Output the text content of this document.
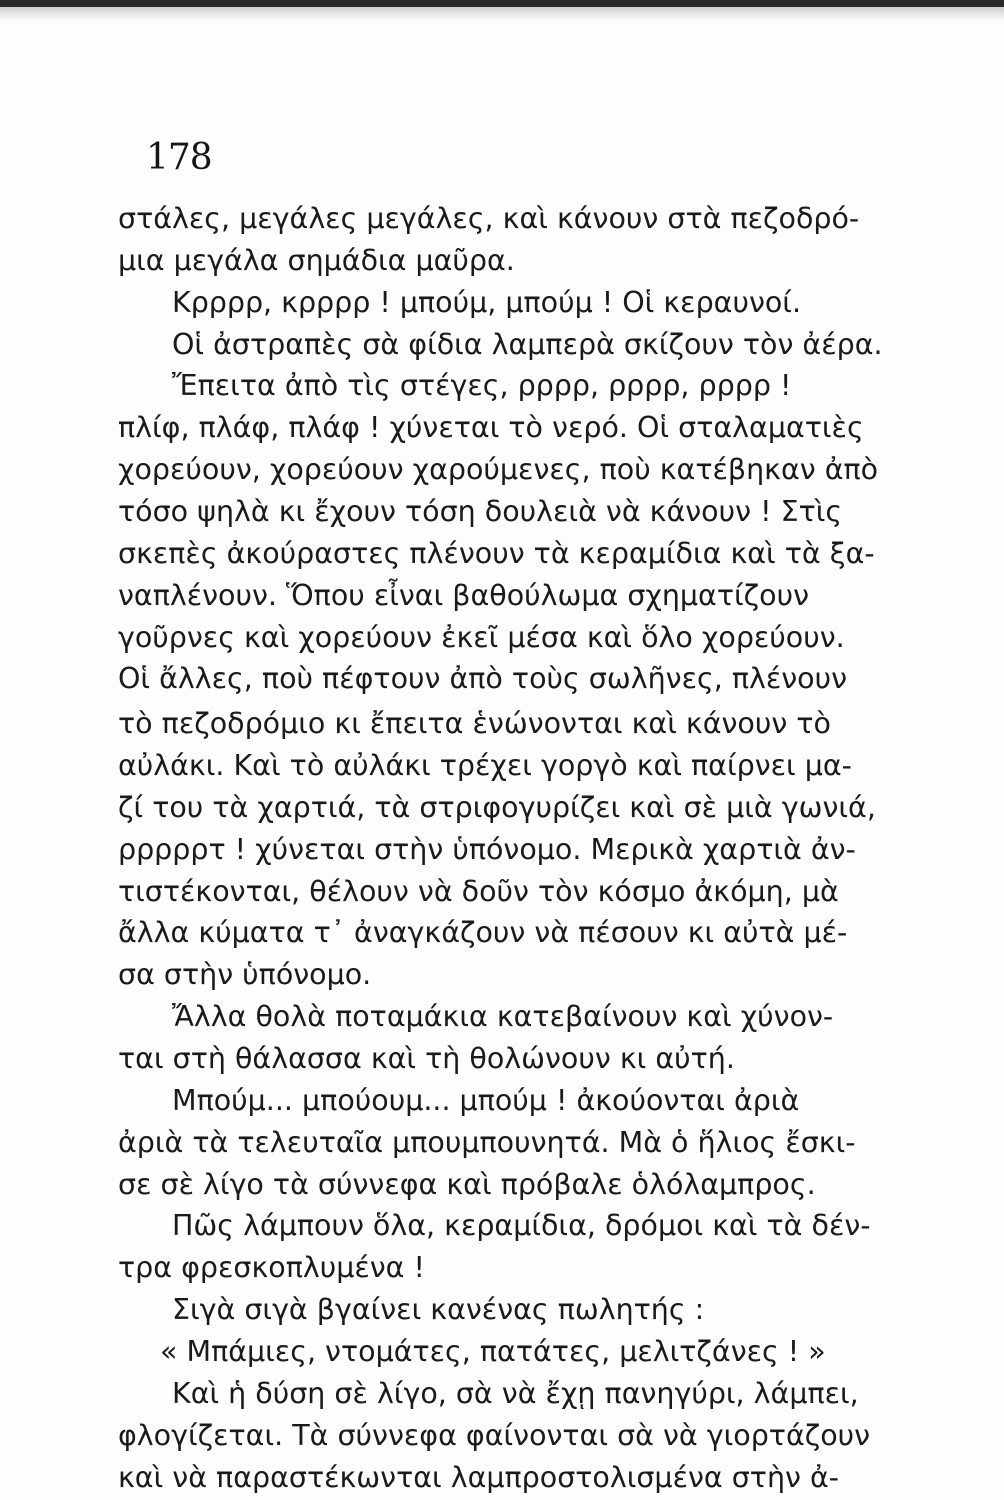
178
στάλες, μεγάλες μεγάλες, καὶ κάνουν στὰ πεζοδρό-
μια μεγάλα σημάδια μαῦρα.
Κρρρρ, κρρρρ ! μπούμ, μπούμ ! Οἱ κεραυνοί.
Οἱ ἀστραπὲς σὰ φίδια λαμπερὰ σκίζουν τὸν ἀέρα.
Ἔπειτα ἀπὸ τὶς στέγες, ρρρρ, ρρρρ, ρρρρ !
πλίφ, πλάφ, πλάφ ! χύνεται τὸ νερό. Οἱ σταλαματιὲς
χορεύουν, χορεύουν χαρούμενες, ποὺ κατέβηκαν ἀπὸ
τόσο ψηλὰ κι ἔχουν τόση δουλειὰ νὰ κάνουν ! Στὶς
σκεπὲς ἀκούραστες πλένουν τὰ κεραμίδια καὶ τὰ ξα-
ναπλένουν. Ὅπου εἶναι βαθούλωμα σχηματίζουν
γοῦρνες καὶ χορεύουν ἐκεῖ μέσα καὶ ὅλο χορεύουν.
Οἱ ἄλλες, ποὺ πέφτουν ἀπὸ τοὺς σωλῆνες, πλένουν
τὸ πεζοδρόμιο κι ἔπειτα ἑνώνονται καὶ κάνουν τὸ
αὐλάκι. Καὶ τὸ αὐλάκι τρέχει γοργὸ καὶ παίρνει μα-
ζί του τὰ χαρτιά, τὰ στριφογυρίζει καὶ σὲ μιὰ γωνιά,
ρρρρρτ ! χύνεται στὴν ὑπόνομο. Μερικὰ χαρτιὰ ἀν-
τιστέκονται, θέλουν νὰ δοῦν τὸν κόσμο ἀκόμη, μὰ
ἄλλα κύματα τ᾿ ἀναγκάζουν νὰ πέσουν κι αὐτὰ μέ-
σα στὴν ὑπόνομο.
Ἄλλα θολὰ ποταμάκια κατεβαίνουν καὶ χύνον-
ται στὴ θάλασσα καὶ τὴ θολώνουν κι αὐτή.
Μπούμ... μπούουμ... μπούμ ! ἀκούονται ἀριὰ
ἀριὰ τὰ τελευταῖα μπουμπουνητά. Μὰ ὁ ἥλιος ἔσκι-
σε σὲ λίγο τὰ σύννεφα καὶ πρόβαλε ὁλόλαμπρος.
Πῶς λάμπουν ὅλα, κεραμίδια, δρόμοι καὶ τὰ δέν-
τρα φρεσκοπλυμένα !
Σιγὰ σιγὰ βγαίνει κανένας πωλητής :
« Μπάμιες, ντομάτες, πατάτες, μελιτζάνες ! »
Καὶ ἡ δύση σὲ λίγο, σὰ νὰ ἔχῃ πανηγύρι, λάμπει,
φλογίζεται. Τὰ σύννεφα φαίνονται σὰ νὰ γιορτάζουν
καὶ νὰ παραστέκωνται λαμπροστολισμένα στὴν ἀ-
